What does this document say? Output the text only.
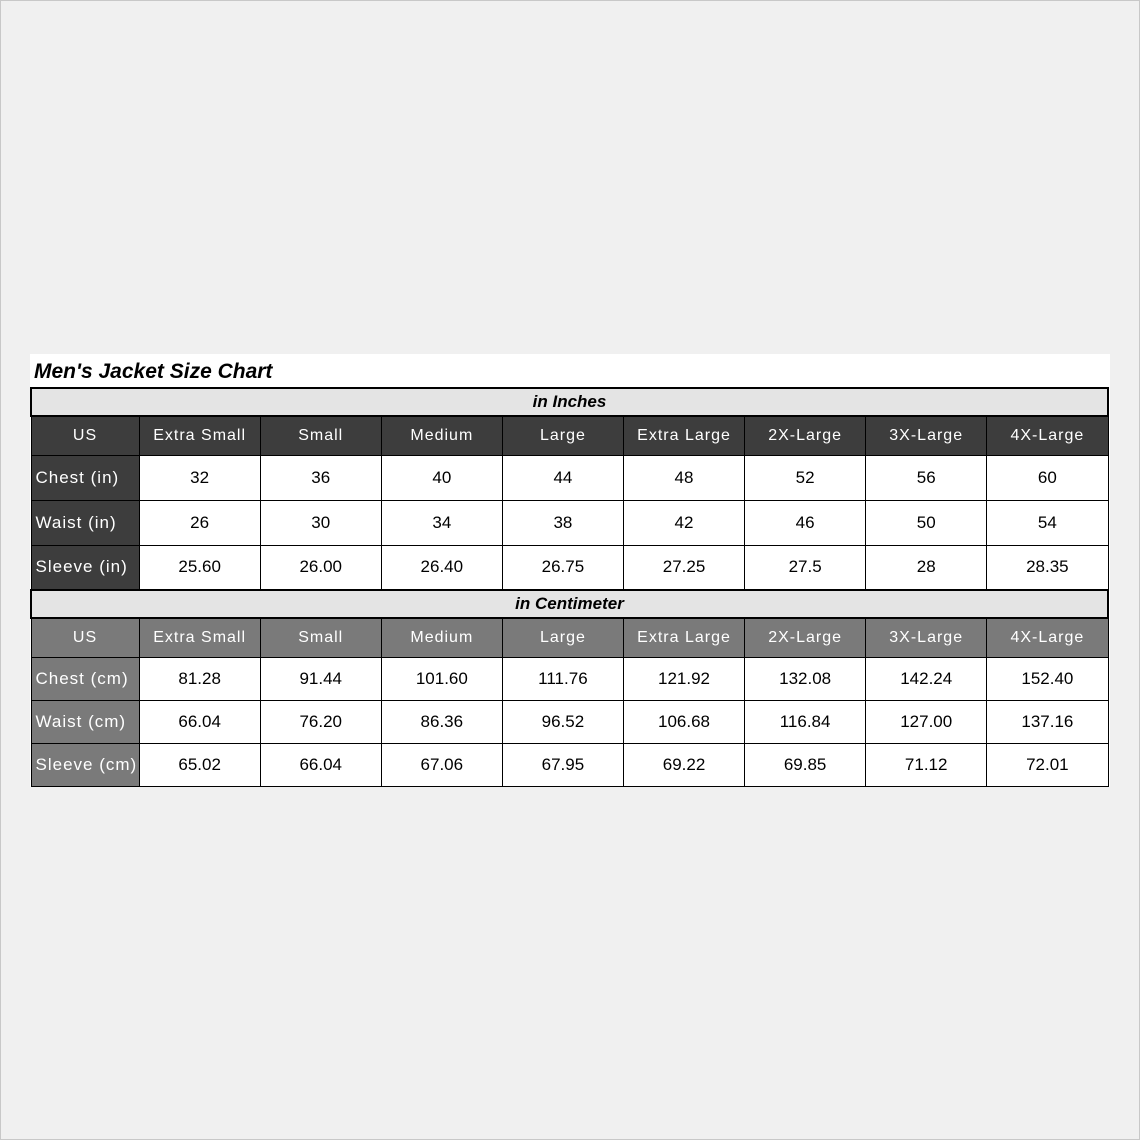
Men's Jacket Size Chart
in Inches								
US	Extra Small	Small	Medium	Large	Extra Large	2X-Large	3X-Large	4X-Large
Chest (in)	32	36	40	44	48	52	56	60
Waist (in)	26	30	34	38	42	46	50	54
Sleeve (in)	25.60	26.00	26.40	26.75	27.25	27.5	28	28.35
in Centimeter								
US	Extra Small	Small	Medium	Large	Extra Large	2X-Large	3X-Large	4X-Large
Chest (cm)	81.28	91.44	101.60	111.76	121.92	132.08	142.24	152.40
Waist (cm)	66.04	76.20	86.36	96.52	106.68	116.84	127.00	137.16
Sleeve (cm)	65.02	66.04	67.06	67.95	69.22	69.85	71.12	72.01
